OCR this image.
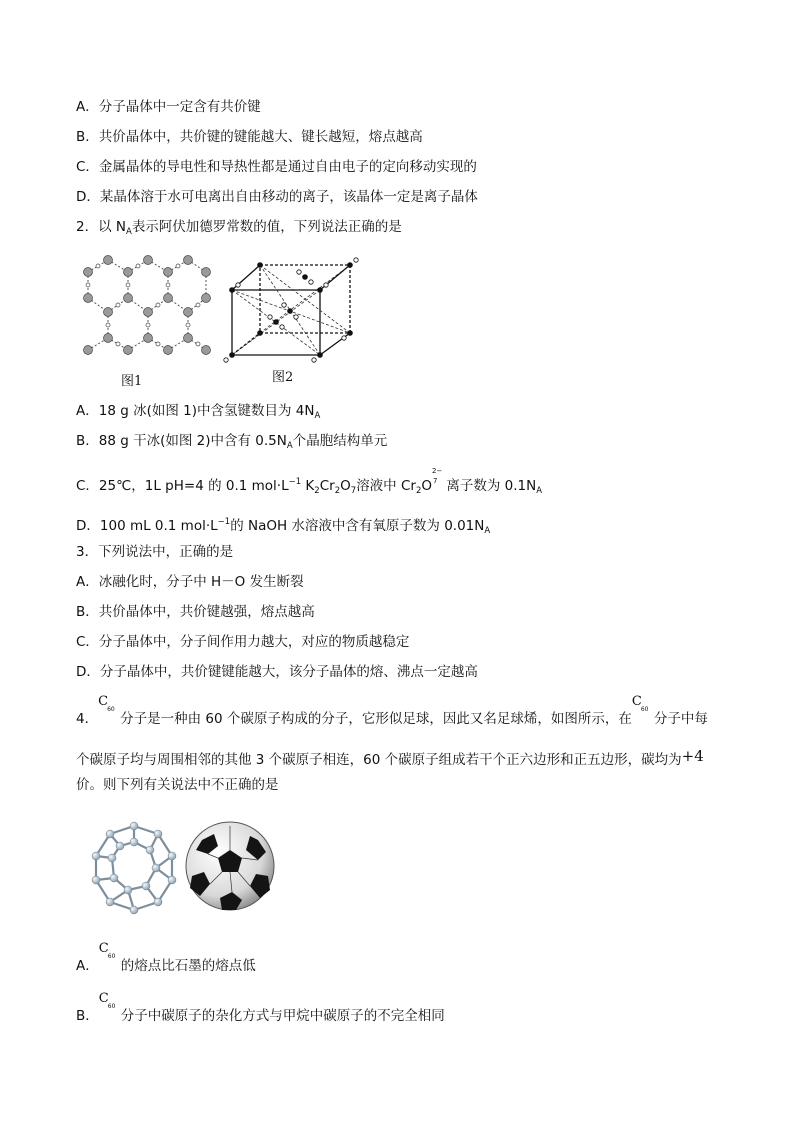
A．分子晶体中一定含有共价键
B．共价晶体中，共价键的键能越大、键长越短，熔点越高
C．金属晶体的导电性和导热性都是通过自由电子的定向移动实现的
D．某晶体溶于水可电离出自由移动的离子，该晶体一定是离子晶体
2．以 $N_A$表示阿伏加德罗常数的值，下列说法正确的是
图1	图2
A．18 g 冰(如图 1)中含氢键数目为 $4N_A$
B．88 g 干冰(如图 2)中含有 $0.5N_A$个晶胞结构单元
C．25℃，1L pH=4 的 0.1 $mol\cdot L^{-1}$ $K_2Cr_2O_7$溶液中 $Cr_2O$
2−
7 离子数为 $0.1N_A$
D．100 mL 0.1 $mol\cdot L^{-1}$的 NaOH 水溶液中含有氧原子数为 $0.01N_A$
3．下列说法中，正确的是
A．冰融化时，分子中 H－O 发生断裂
B．共价晶体中，共价键越强，熔点越高
C．分子晶体中，分子间作用力越大，对应的物质越稳定
D．分子晶体中，共价键键能越大，该分子晶体的熔、沸点一定越高
4．
C
60
分子是一种由 60 个碳原子构成的分子，它形似足球，因此又名足球烯，如图所示，在
C
60
分子中每
个碳原子均与周围相邻的其他 3 个碳原子相连，60 个碳原子组成若干个正六边形和正五边形，碳均为+4
价。则下列有关说法中不正确的是
A．
C
60
的熔点比石墨的熔点低
B．
C
60
分子中碳原子的杂化方式与甲烷中碳原子的不完全相同
